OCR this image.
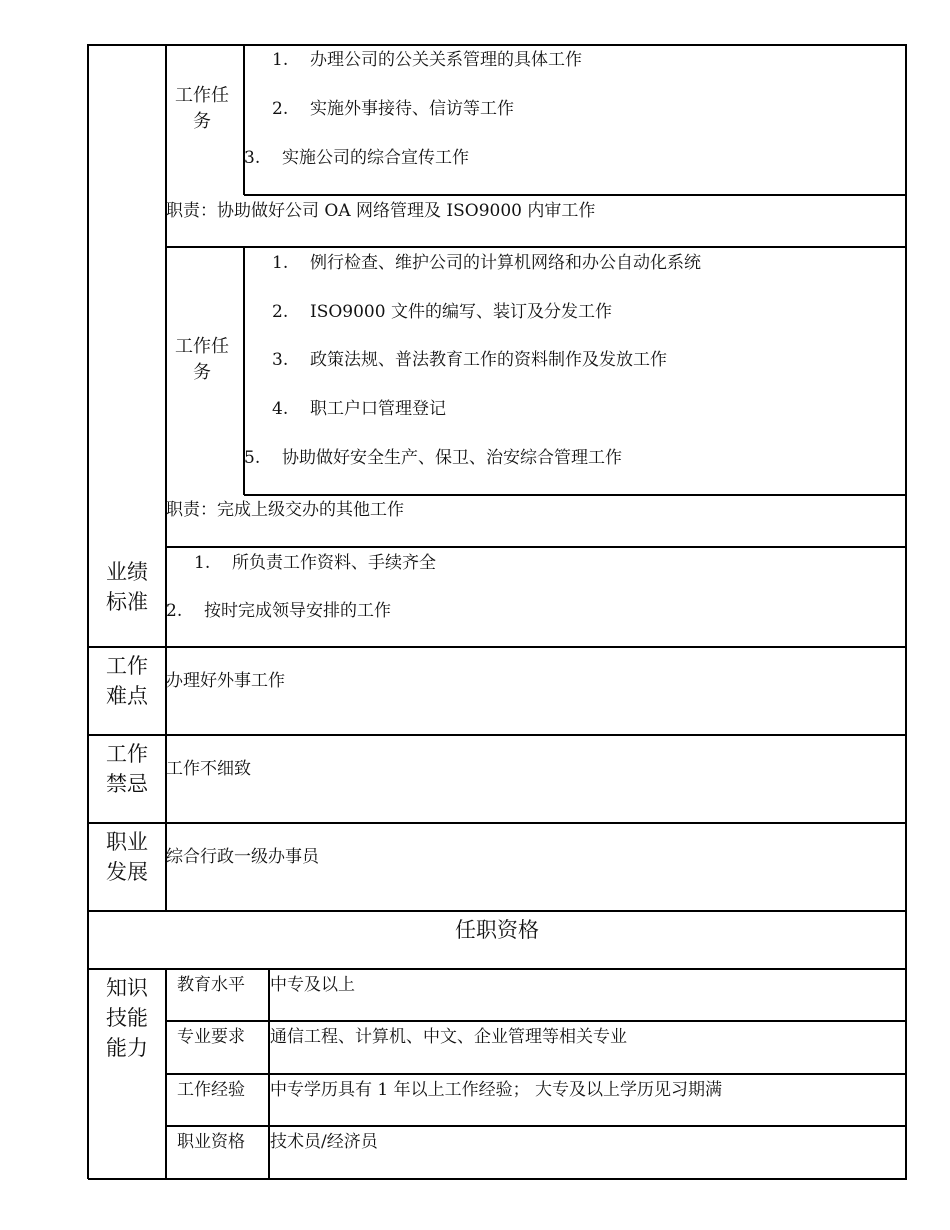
工作任务
1. 办理公司的公关关系管理的具体工作
2. 实施外事接待、信访等工作
3. 实施公司的综合宣传工作
职责：协助做好公司 OA 网络管理及 ISO9000 内审工作
工作任务
1. 例行检查、维护公司的计算机网络和办公自动化系统
2. ISO9000 文件的编写、装订及分发工作
3. 政策法规、普法教育工作的资料制作及发放工作
4. 职工户口管理登记
5. 协助做好安全生产、保卫、治安综合管理工作
职责：完成上级交办的其他工作
业绩标准
1. 所负责工作资料、手续齐全
2. 按时完成领导安排的工作
工作难点
办理好外事工作
工作禁忌
工作不细致
职业发展
综合行政一级办事员
任职资格
知识技能能力
教育水平 中专及以上
专业要求 通信工程、计算机、中文、企业管理等相关专业
工作经验 中专学历具有 1 年以上工作经验； 大专及以上学历见习期满
职业资格 技术员/经济员
